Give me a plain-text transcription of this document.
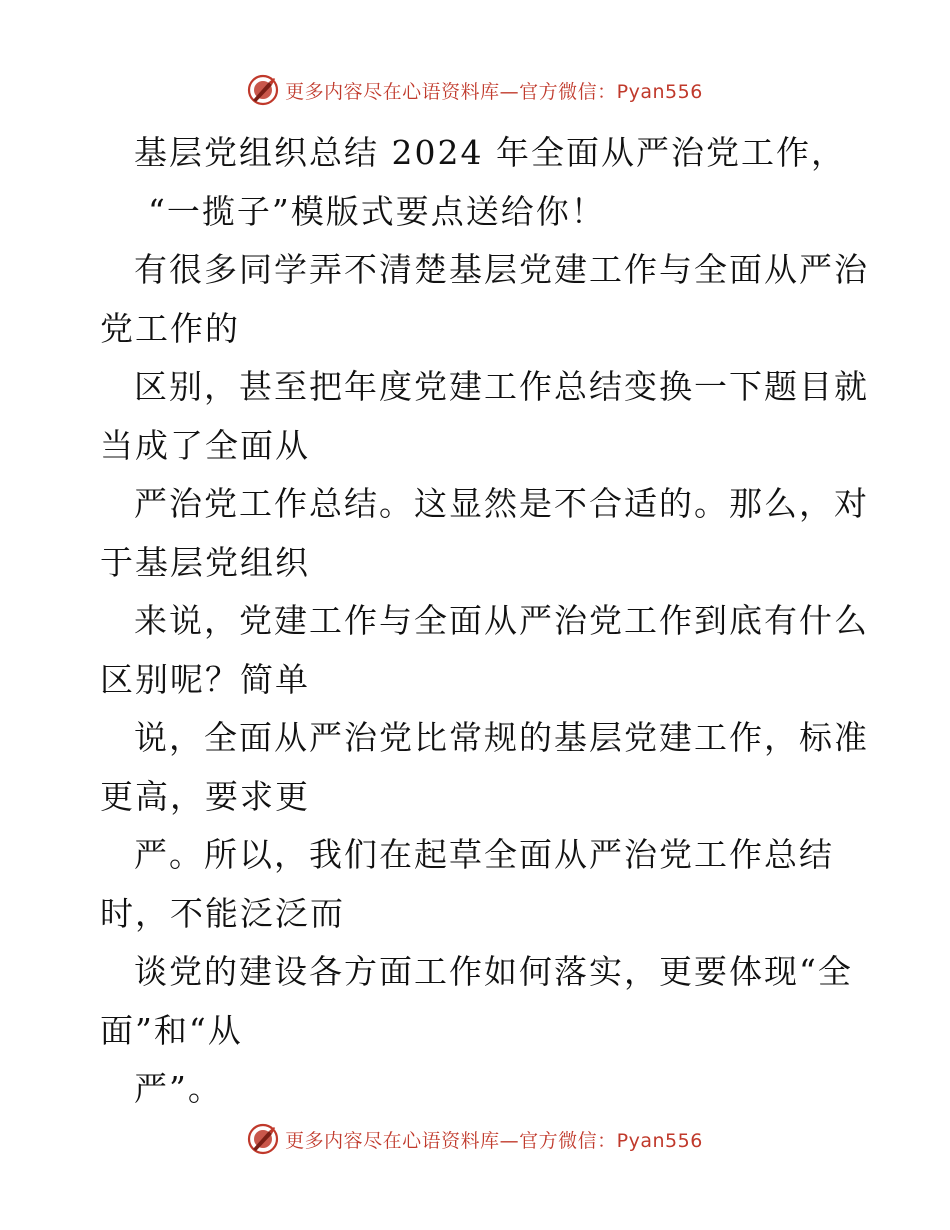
更多内容尽在心语资料库—官方微信：Pyan556
基层党组织总结 2024 年全面从严治党工作，
“一揽子”模版式要点送给你！
有很多同学弄不清楚基层党建工作与全面从严治
党工作的
区别，甚至把年度党建工作总结变换一下题目就
当成了全面从
严治党工作总结。这显然是不合适的。那么，对
于基层党组织
来说，党建工作与全面从严治党工作到底有什么
区别呢？简单
说，全面从严治党比常规的基层党建工作，标准
更高，要求更
严。所以，我们在起草全面从严治党工作总结
时，不能泛泛而
谈党的建设各方面工作如何落实，更要体现“全
面”和“从
严”。
更多内容尽在心语资料库—官方微信：Pyan556
